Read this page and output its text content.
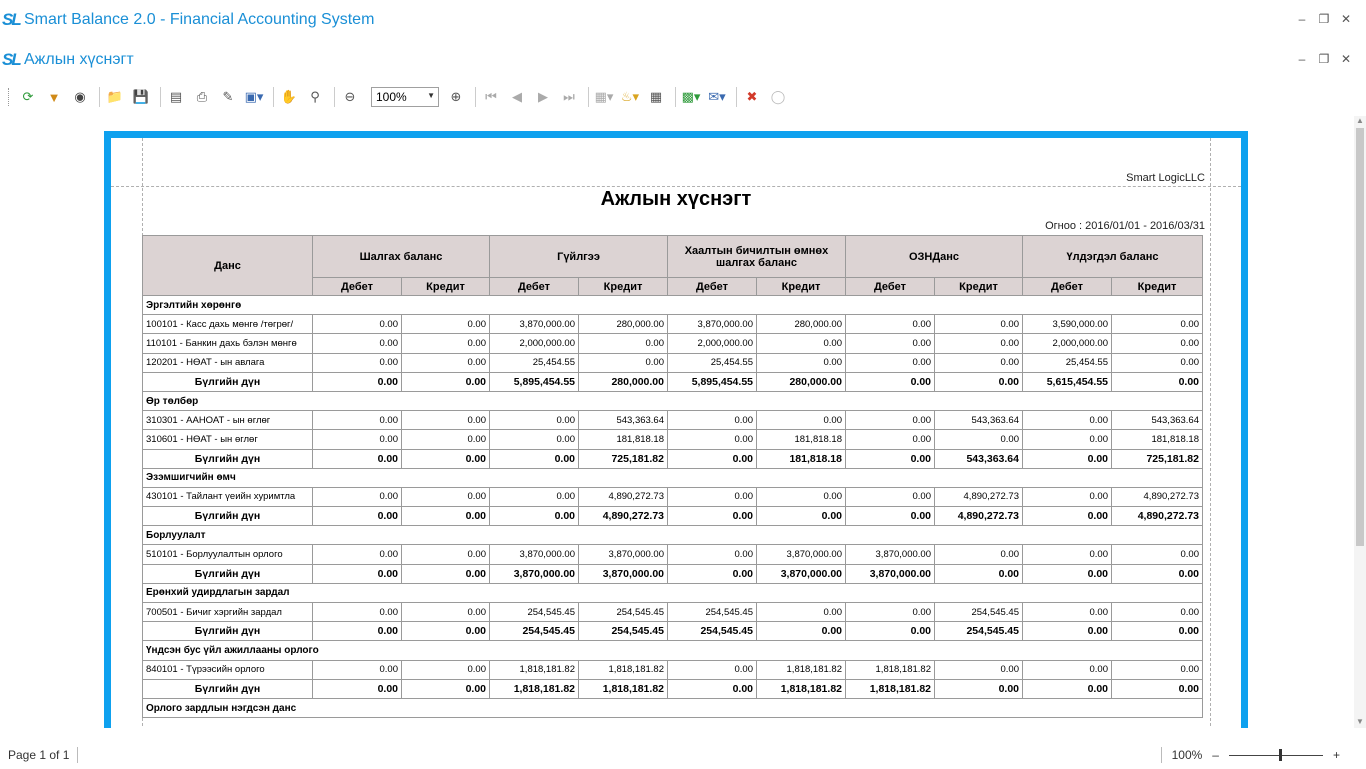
SL Smart Balance 2.0 - Financial Accounting System	– ❐ ✕
SL Ажлын хүснэгт	– ❐ ✕
⟳	▼	◉	📁 💾	▤	⎙	✎ ▣▾ ✋	⚲	⊖	100%	▼	⊕	⏮	◀	▶	⏭	▦▾ ♨▾ ▦	▩▾ ✉▾	✖	◯
Smart LogicLLC
Ажлын хүснэгт
Огноо : 2016/01/01 - 2016/03/31
Данс	Шалгах баланс		Гүйлгээ		Хаалтын бичилтын өмнөх шалгах баланс		ОЗНДанс		Үлдэгдэл баланс	
	Дебет	Кредит	Дебет	Кредит	Дебет	Кредит	Дебет	Кредит	Дебет	Кредит
Эргэлтийн хөрөнгө										
100101 - Касс дахь мөнгө /төгрөг/	0.00	0.00	3,870,000.00	280,000.00	3,870,000.00	280,000.00	0.00	0.00	3,590,000.00	0.00
110101 - Банкин дахь бэлэн мөнгө	0.00	0.00	2,000,000.00	0.00	2,000,000.00	0.00	0.00	0.00	2,000,000.00	0.00
120201 - НӨАТ - ын авлага	0.00	0.00	25,454.55	0.00	25,454.55	0.00	0.00	0.00	25,454.55	0.00
Бүлгийн дүн	0.00	0.00	5,895,454.55	280,000.00	5,895,454.55	280,000.00	0.00	0.00	5,615,454.55	0.00
Өр төлбөр										
310301 - ААНОАТ - ын өглөг	0.00	0.00	0.00	543,363.64	0.00	0.00	0.00	543,363.64	0.00	543,363.64
310601 - НӨАТ - ын өглөг	0.00	0.00	0.00	181,818.18	0.00	181,818.18	0.00	0.00	0.00	181,818.18
Бүлгийн дүн	0.00	0.00	0.00	725,181.82	0.00	181,818.18	0.00	543,363.64	0.00	725,181.82
Эзэмшигчийн өмч										
430101 - Тайлант үеийн хуримтла	0.00	0.00	0.00	4,890,272.73	0.00	0.00	0.00	4,890,272.73	0.00	4,890,272.73
Бүлгийн дүн	0.00	0.00	0.00	4,890,272.73	0.00	0.00	0.00	4,890,272.73	0.00	4,890,272.73
Борлуулалт										
510101 - Борлуулалтын орлого	0.00	0.00	3,870,000.00	3,870,000.00	0.00	3,870,000.00	3,870,000.00	0.00	0.00	0.00
Бүлгийн дүн	0.00	0.00	3,870,000.00	3,870,000.00	0.00	3,870,000.00	3,870,000.00	0.00	0.00	0.00
Ерөнхий удирдлагын зардал										
700501 - Бичиг хэргийн зардал	0.00	0.00	254,545.45	254,545.45	254,545.45	0.00	0.00	254,545.45	0.00	0.00
Бүлгийн дүн	0.00	0.00	254,545.45	254,545.45	254,545.45	0.00	0.00	254,545.45	0.00	0.00
Үндсэн бус үйл ажиллааны орлого										
840101 - Түрээсийн орлого	0.00	0.00	1,818,181.82	1,818,181.82	0.00	1,818,181.82	1,818,181.82	0.00	0.00	0.00
Бүлгийн дүн	0.00	0.00	1,818,181.82	1,818,181.82	0.00	1,818,181.82	1,818,181.82	0.00	0.00	0.00
Орлого зардлын нэгдсэн данс										
▲
▼
Page 1 of 1	100% –	+
